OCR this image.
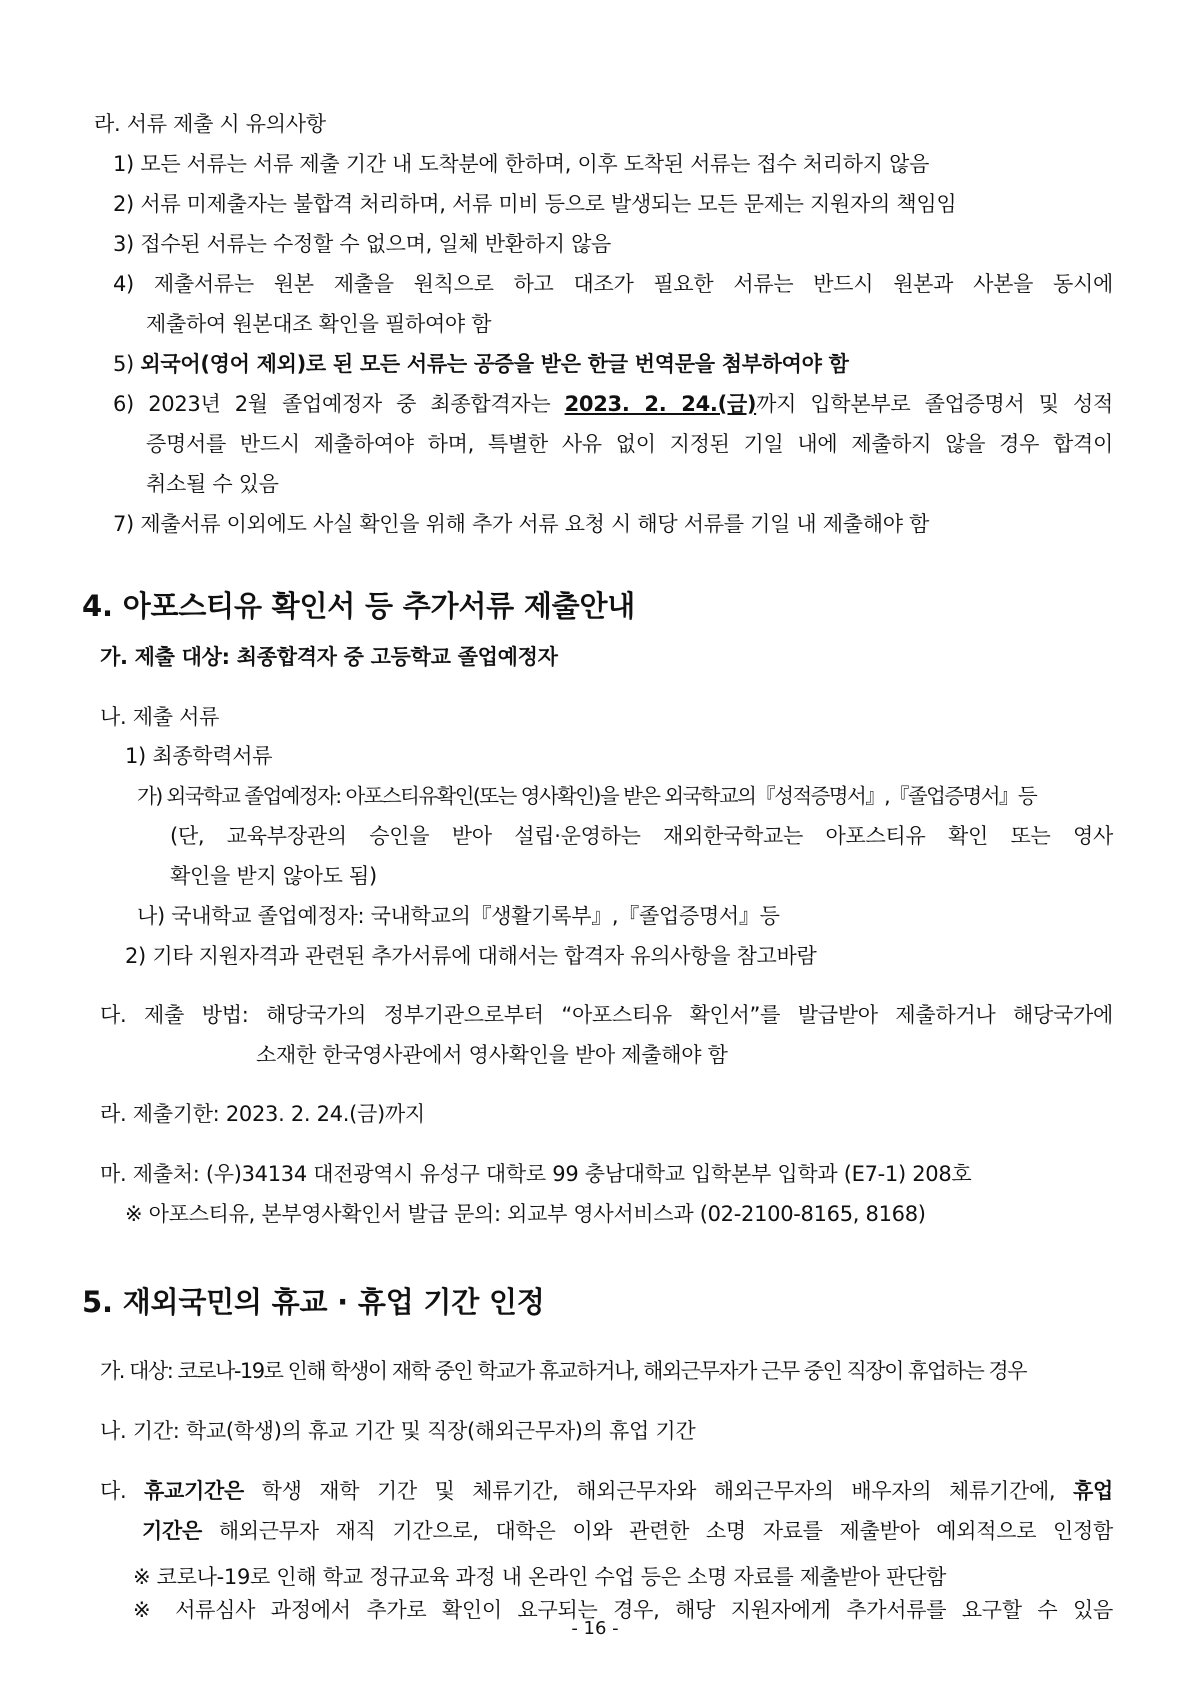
라. 서류 제출 시 유의사항
1) 모든 서류는 서류 제출 기간 내 도착분에 한하며, 이후 도착된 서류는 접수 처리하지 않음
2) 서류 미제출자는 불합격 처리하며, 서류 미비 등으로 발생되는 모든 문제는 지원자의 책임임
3) 접수된 서류는 수정할 수 없으며, 일체 반환하지 않음
4) 제출서류는 원본 제출을 원칙으로 하고 대조가 필요한 서류는 반드시 원본과 사본을 동시에
제출하여 원본대조 확인을 필하여야 함
5) 외국어(영어 제외)로 된 모든 서류는 공증을 받은 한글 번역문을 첨부하여야 함
6) 2023년 2월 졸업예정자 중 최종합격자는 2023. 2. 24.(금)까지 입학본부로 졸업증명서 및 성적
증명서를 반드시 제출하여야 하며, 특별한 사유 없이 지정된 기일 내에 제출하지 않을 경우 합격이
취소될 수 있음
7) 제출서류 이외에도 사실 확인을 위해 추가 서류 요청 시 해당 서류를 기일 내 제출해야 함
4. 아포스티유 확인서 등 추가서류 제출안내
가. 제출 대상: 최종합격자 중 고등학교 졸업예정자
나. 제출 서류
1) 최종학력서류
가) 외국학교 졸업예정자: 아포스티유확인(또는 영사확인)을 받은 외국학교의『성적증명서』,『졸업증명서』등
(단, 교육부장관의 승인을 받아 설립·운영하는 재외한국학교는 아포스티유 확인 또는 영사
확인을 받지 않아도 됨)
나) 국내학교 졸업예정자: 국내학교의『생활기록부』,『졸업증명서』등
2) 기타 지원자격과 관련된 추가서류에 대해서는 합격자 유의사항을 참고바람
다. 제출 방법: 해당국가의 정부기관으로부터 “아포스티유 확인서”를 발급받아 제출하거나 해당국가에
소재한 한국영사관에서 영사확인을 받아 제출해야 함
라. 제출기한: 2023. 2. 24.(금)까지
마. 제출처: (우)34134 대전광역시 유성구 대학로 99 충남대학교 입학본부 입학과 (E7-1) 208호
※ 아포스티유, 본부영사확인서 발급 문의: 외교부 영사서비스과 (02-2100-8165, 8168)
5. 재외국민의 휴교 · 휴업 기간 인정
가. 대상: 코로나-19로 인해 학생이 재학 중인 학교가 휴교하거나, 해외근무자가 근무 중인 직장이 휴업하는 경우
나. 기간: 학교(학생)의 휴교 기간 및 직장(해외근무자)의 휴업 기간
다. 휴교기간은 학생 재학 기간 및 체류기간, 해외근무자와 해외근무자의 배우자의 체류기간에, 휴업
기간은 해외근무자 재직 기간으로, 대학은 이와 관련한 소명 자료를 제출받아 예외적으로 인정함
※ 코로나-19로 인해 학교 정규교육 과정 내 온라인 수업 등은 소명 자료를 제출받아 판단함
※ 서류심사 과정에서 추가로 확인이 요구되는 경우, 해당 지원자에게 추가서류를 요구할 수 있음
- 16 -
